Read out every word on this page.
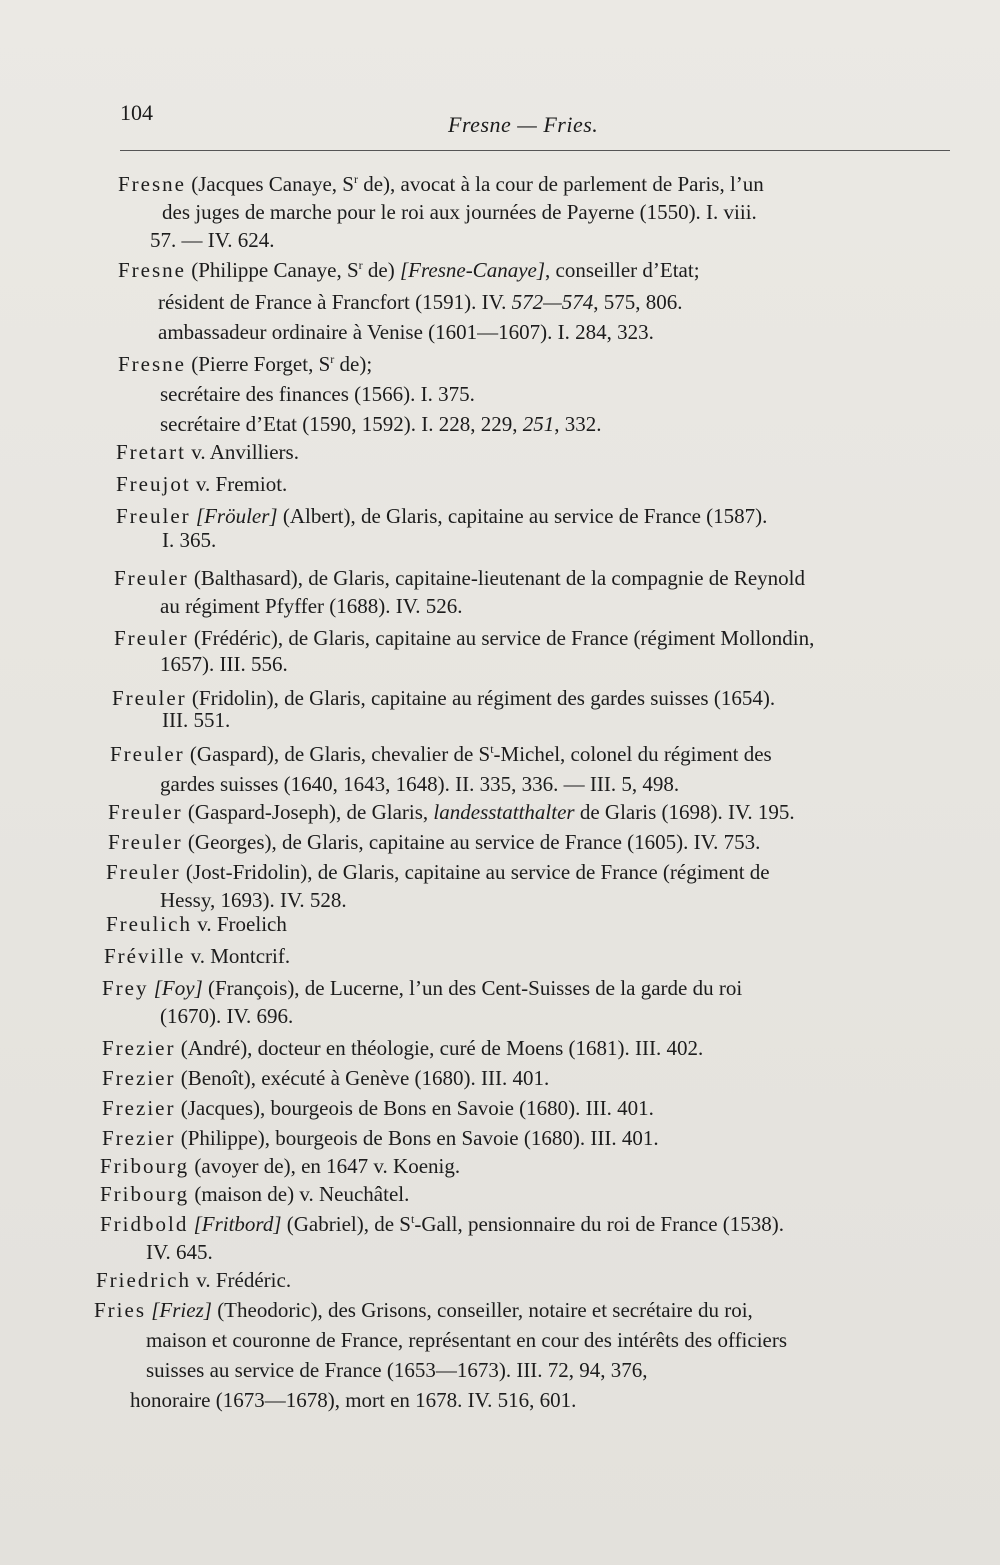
104	Fresne — Fries.
Fresne (Jacques Canaye, $S^r$ de), avocat à la cour de parlement de Paris, l’un
des juges de marche pour le roi aux journées de Payerne (1550). I. viii.
57. — IV. 624.
Fresne (Philippe Canaye, $S^r$ de) [Fresne-Canaye], conseiller d’Etat;
résident de France à Francfort (1591). IV. 572—574, 575, 806.
ambassadeur ordinaire à Venise (1601—1607). I. 284, 323.
Fresne (Pierre Forget, $S^r$ de);
secrétaire des finances (1566). I. 375.
secrétaire d’Etat (1590, 1592). I. 228, 229, 251, 332.
Fretart v. Anvilliers.
Freujot v. Fremiot.
Freuler [Fröuler] (Albert), de Glaris, capitaine au service de France (1587).
I. 365.
Freuler (Balthasard), de Glaris, capitaine-lieutenant de la compagnie de Reynold
au régiment Pfyffer (1688). IV. 526.
Freuler (Frédéric), de Glaris, capitaine au service de France (régiment Mollondin,
1657). III. 556.
Freuler (Fridolin), de Glaris, capitaine au régiment des gardes suisses (1654).
III. 551.
Freuler (Gaspard), de Glaris, chevalier de $S^t$-Michel, colonel du régiment des
gardes suisses (1640, 1643, 1648). II. 335, 336. — III. 5, 498.
Freuler (Gaspard-Joseph), de Glaris, landesstatthalter de Glaris (1698). IV. 195.
Freuler (Georges), de Glaris, capitaine au service de France (1605). IV. 753.
Freuler (Jost-Fridolin), de Glaris, capitaine au service de France (régiment de
Hessy, 1693). IV. 528.
Freulich v. Froelich
Fréville v. Montcrif.
Frey [Foy] (François), de Lucerne, l’un des Cent-Suisses de la garde du roi
(1670). IV. 696.
Frezier (André), docteur en théologie, curé de Moens (1681). III. 402.
Frezier (Benoît), exécuté à Genève (1680). III. 401.
Frezier (Jacques), bourgeois de Bons en Savoie (1680). III. 401.
Frezier (Philippe), bourgeois de Bons en Savoie (1680). III. 401.
Fribourg (avoyer de), en 1647 v. Koenig.
Fribourg (maison de) v. Neuchâtel.
Fridbold [Fritbord] (Gabriel), de $S^t$-Gall, pensionnaire du roi de France (1538).
IV. 645.
Friedrich v. Frédéric.
Fries [Friez] (Theodoric), des Grisons, conseiller, notaire et secrétaire du roi,
maison et couronne de France, représentant en cour des intérêts des officiers
suisses au service de France (1653—1673). III. 72, 94, 376,
honoraire (1673—1678), mort en 1678. IV. 516, 601.
